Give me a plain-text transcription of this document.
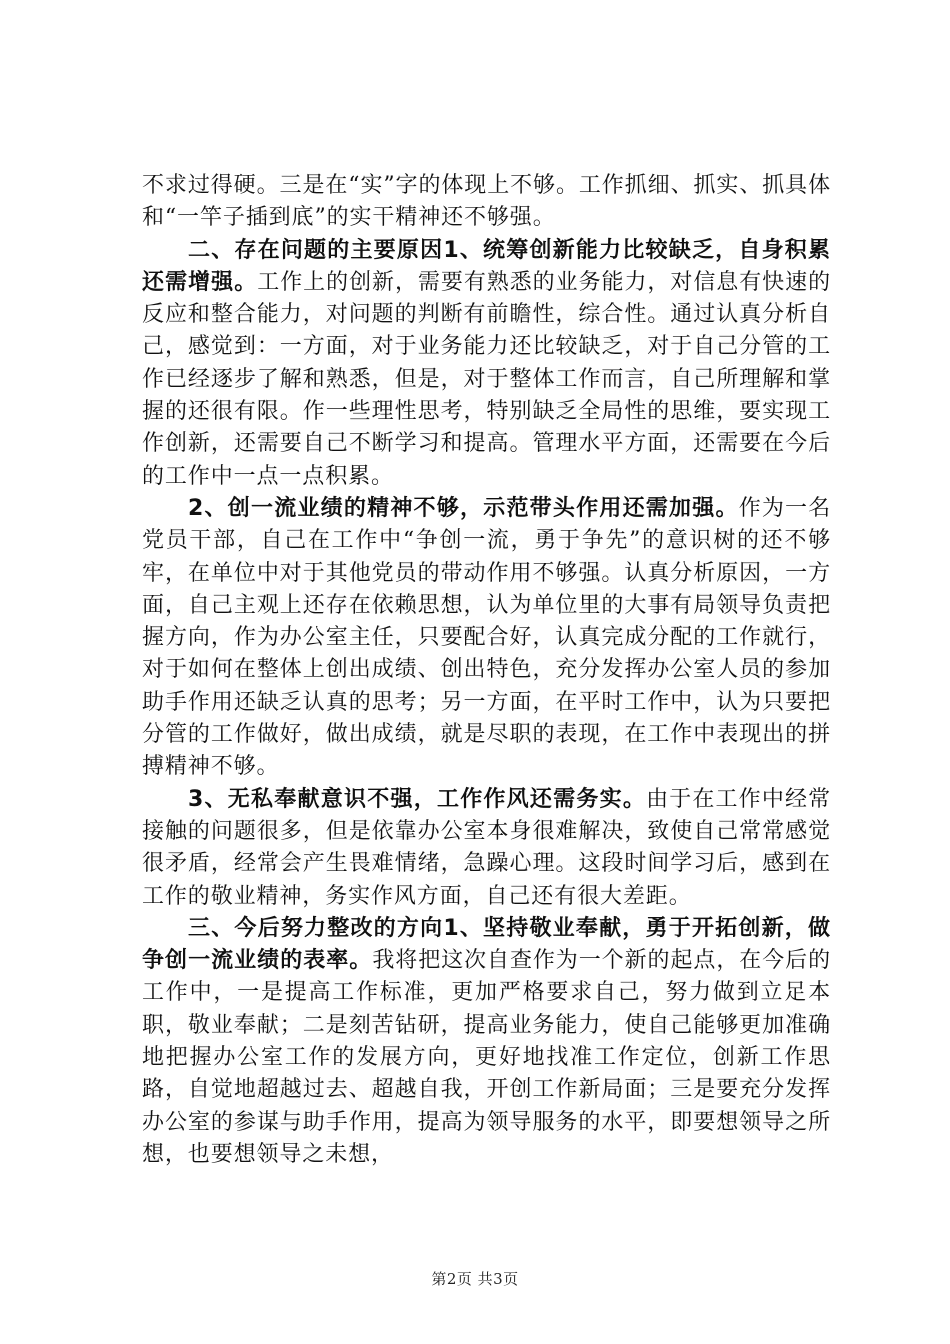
不求过得硬。三是在“实”字的体现上不够。工作抓细、抓实、抓具体和“一竿子插到底”的实干精神还不够强。

二、存在问题的主要原因1、统筹创新能力比较缺乏，自身积累还需增强。工作上的创新，需要有熟悉的业务能力，对信息有快速的反应和整合能力，对问题的判断有前瞻性，综合性。通过认真分析自己，感觉到：一方面，对于业务能力还比较缺乏，对于自己分管的工作已经逐步了解和熟悉，但是，对于整体工作而言，自己所理解和掌握的还很有限。作一些理性思考，特别缺乏全局性的思维，要实现工作创新，还需要自己不断学习和提高。管理水平方面，还需要在今后的工作中一点一点积累。

2、创一流业绩的精神不够，示范带头作用还需加强。作为一名党员干部，自己在工作中“争创一流，勇于争先”的意识树的还不够牢，在单位中对于其他党员的带动作用不够强。认真分析原因，一方面，自己主观上还存在依赖思想，认为单位里的大事有局领导负责把握方向，作为办公室主任，只要配合好，认真完成分配的工作就行，对于如何在整体上创出成绩、创出特色，充分发挥办公室人员的参加助手作用还缺乏认真的思考；另一方面，在平时工作中，认为只要把分管的工作做好，做出成绩，就是尽职的表现，在工作中表现出的拼搏精神不够。

3、无私奉献意识不强，工作作风还需务实。由于在工作中经常接触的问题很多，但是依靠办公室本身很难解决，致使自己常常感觉很矛盾，经常会产生畏难情绪，急躁心理。这段时间学习后，感到在工作的敬业精神，务实作风方面，自己还有很大差距。

三、今后努力整改的方向1、坚持敬业奉献，勇于开拓创新，做争创一流业绩的表率。我将把这次自查作为一个新的起点，在今后的工作中，一是提高工作标准，更加严格要求自己，努力做到立足本职，敬业奉献；二是刻苦钻研，提高业务能力，使自己能够更加准确地把握办公室工作的发展方向，更好地找准工作定位，创新工作思路，自觉地超越过去、超越自我，开创工作新局面；三是要充分发挥办公室的参谋与助手作用，提高为领导服务的水平，即要想领导之所想，也要想领导之未想，

第2页 共3页
